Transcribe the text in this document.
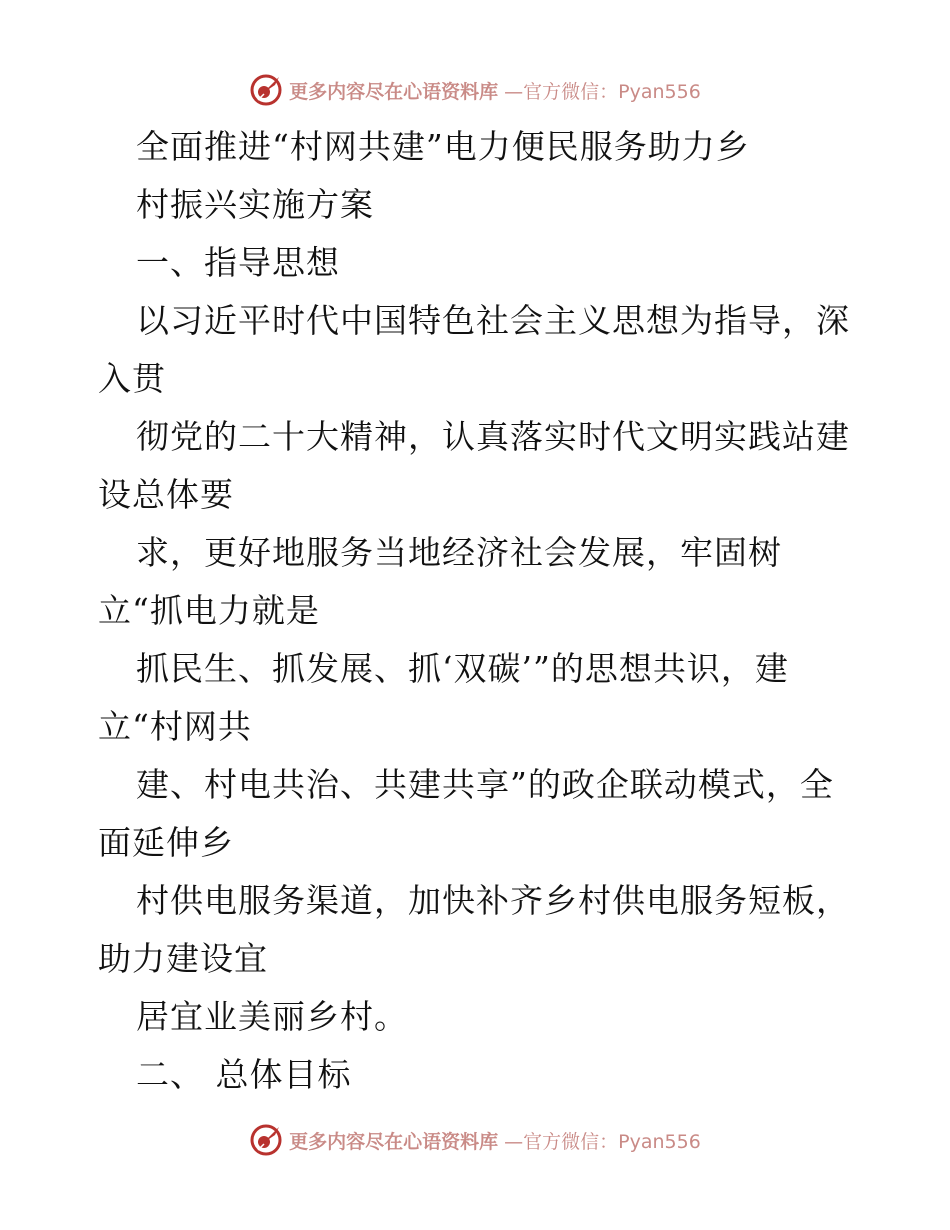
更多内容尽在心语资料库 —官方微信：Pyan556
全面推进“村网共建”电力便民服务助力乡
村振兴实施方案
一、指导思想
以习近平时代中国特色社会主义思想为指导，深
入贯
彻党的二十大精神，认真落实时代文明实践站建
设总体要
求，更好地服务当地经济社会发展，牢固树
立“抓电力就是
抓民生、抓发展、抓‘双碳’”的思想共识，建
立“村网共
建、村电共治、共建共享”的政企联动模式，全
面延伸乡
村供电服务渠道，加快补齐乡村供电服务短板，
助力建设宜
居宜业美丽乡村。
二、 总体目标
更多内容尽在心语资料库 —官方微信：Pyan556
